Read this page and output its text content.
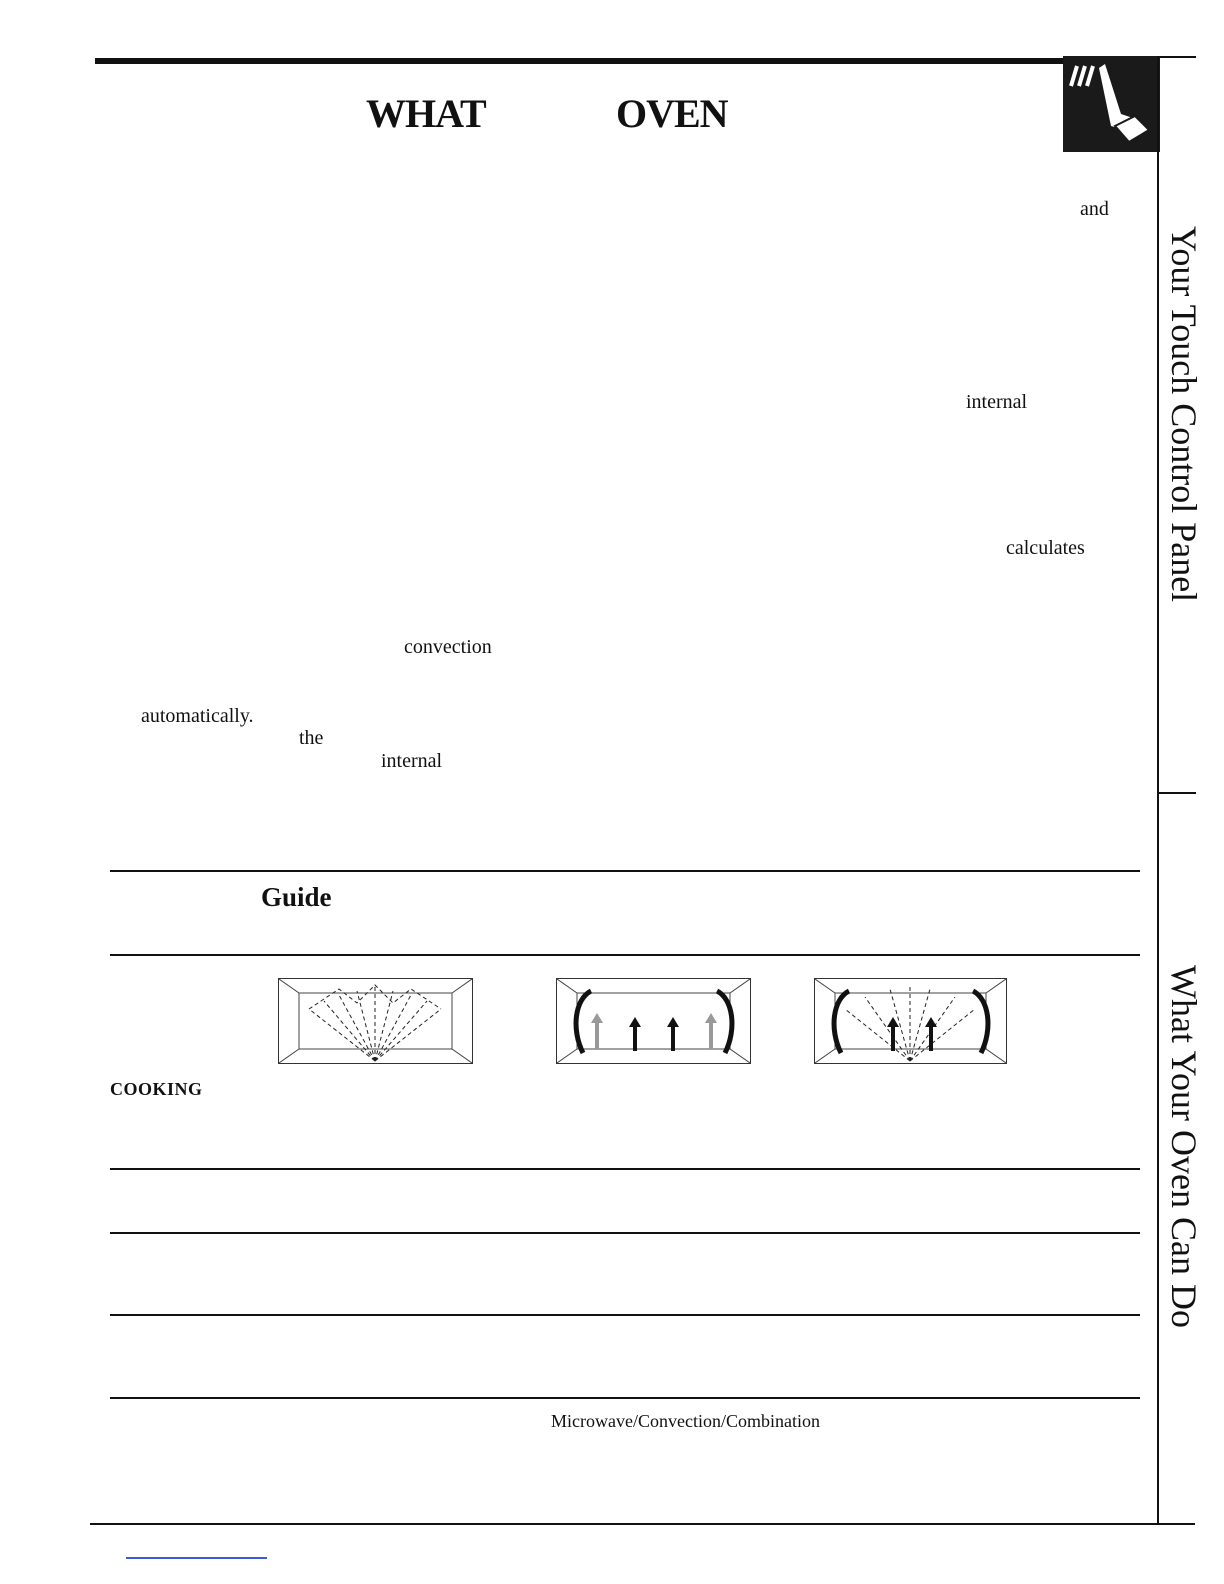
WHAT	OVEN
and
internal
calculates
convection
automatically.
the
internal
Guide
COOKING
Microwave/Convection/Combination
Your Touch Control Panel
What Your Oven Can Do
